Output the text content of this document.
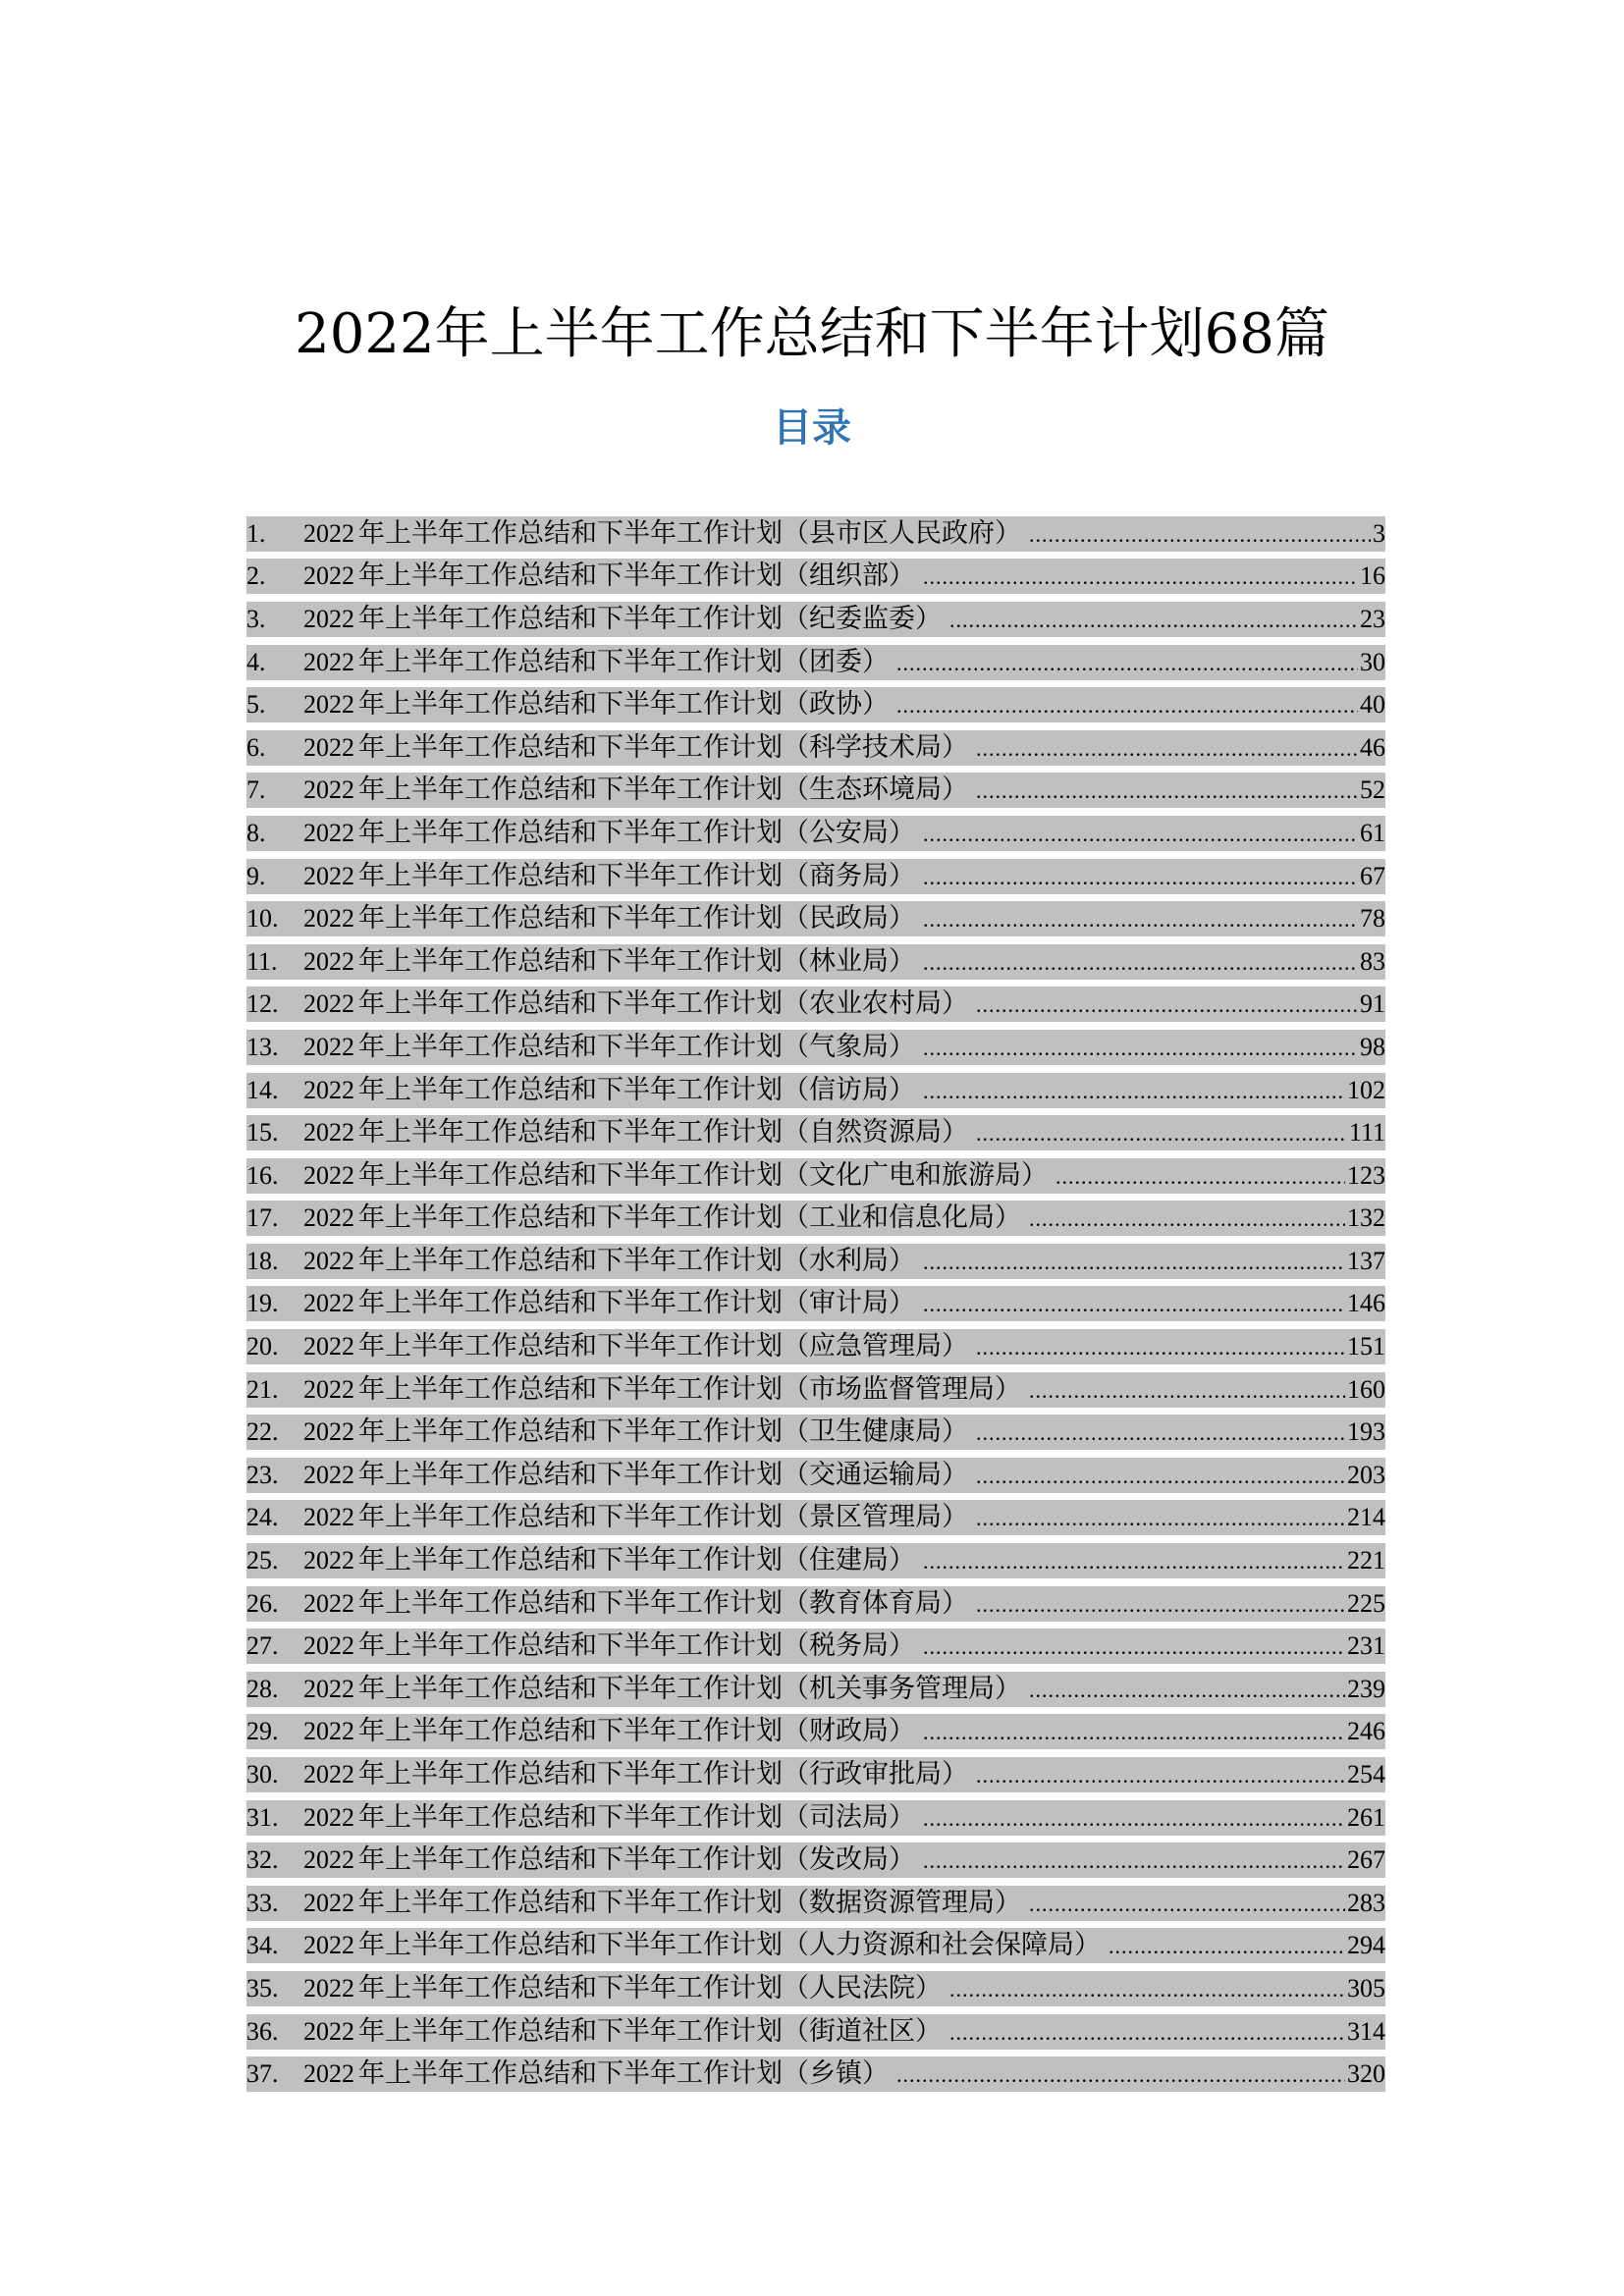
2022年上半年工作总结和下半年计划68篇
目录
1.	2022 年上半年工作总结和下半年工作计划（县市区人民政府） .....	3
2.	2022 年上半年工作总结和下半年工作计划（组织部） .....	16
3.	2022 年上半年工作总结和下半年工作计划（纪委监委） .....	23
4.	2022 年上半年工作总结和下半年工作计划（团委） .....	30
5.	2022 年上半年工作总结和下半年工作计划（政协） .....	40
6.	2022 年上半年工作总结和下半年工作计划（科学技术局） .....	46
7.	2022 年上半年工作总结和下半年工作计划（生态环境局） .....	52
8.	2022 年上半年工作总结和下半年工作计划（公安局） .....	61
9.	2022 年上半年工作总结和下半年工作计划（商务局） .....	67
10. 2022 年上半年工作总结和下半年工作计划（民政局） .....	78
11.	2022 年上半年工作总结和下半年工作计划（林业局） .....	83
12. 2022 年上半年工作总结和下半年工作计划（农业农村局） .....	91
13. 2022 年上半年工作总结和下半年工作计划（气象局） .....	98
14. 2022 年上半年工作总结和下半年工作计划（信访局） .....	102
15. 2022 年上半年工作总结和下半年工作计划（自然资源局） .....	111
16. 2022 年上半年工作总结和下半年工作计划（文化广电和旅游局） .....	123
17. 2022 年上半年工作总结和下半年工作计划（工业和信息化局） .....	132
18. 2022 年上半年工作总结和下半年工作计划（水利局） .....	137
19. 2022 年上半年工作总结和下半年工作计划（审计局） .....	146
20. 2022 年上半年工作总结和下半年工作计划（应急管理局） .....	151
21. 2022 年上半年工作总结和下半年工作计划（市场监督管理局） .....	160
22. 2022 年上半年工作总结和下半年工作计划（卫生健康局） .....	193
23. 2022 年上半年工作总结和下半年工作计划（交通运输局） .....	203
24. 2022 年上半年工作总结和下半年工作计划（景区管理局） .....	214
25. 2022 年上半年工作总结和下半年工作计划（住建局） .....	221
26. 2022 年上半年工作总结和下半年工作计划（教育体育局） .....	225
27. 2022 年上半年工作总结和下半年工作计划（税务局） .....	231
28. 2022 年上半年工作总结和下半年工作计划（机关事务管理局） .....	239
29. 2022 年上半年工作总结和下半年工作计划（财政局） .....	246
30. 2022 年上半年工作总结和下半年工作计划（行政审批局） .....	254
31. 2022 年上半年工作总结和下半年工作计划（司法局） .....	261
32. 2022 年上半年工作总结和下半年工作计划（发改局） .....	267
33. 2022 年上半年工作总结和下半年工作计划（数据资源管理局） .....	283
34. 2022 年上半年工作总结和下半年工作计划（人力资源和社会保障局） .....	294
35. 2022 年上半年工作总结和下半年工作计划（人民法院） .....	305
36. 2022 年上半年工作总结和下半年工作计划（街道社区） .....	314
37. 2022 年上半年工作总结和下半年工作计划（乡镇） .....	320
